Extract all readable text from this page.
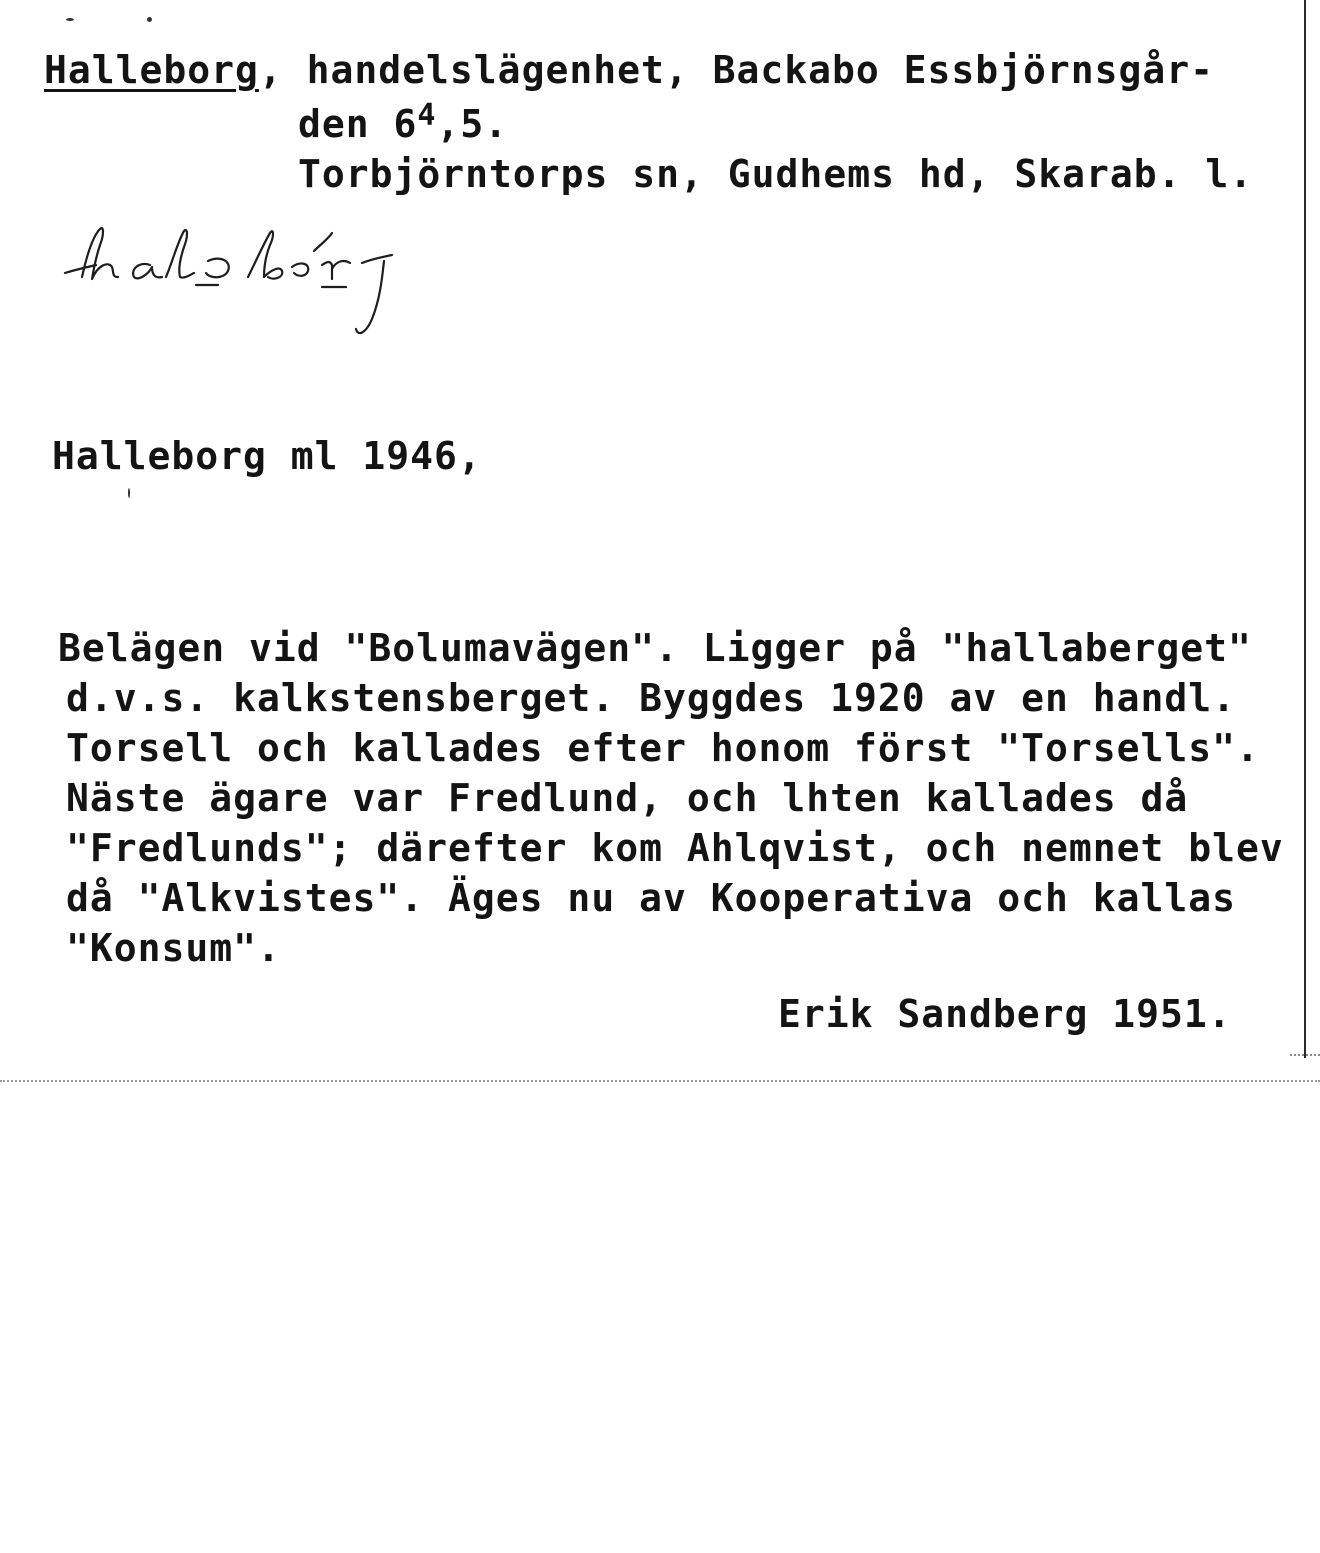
Halleborg, handelslägenhet, Backabo Essbjörnsgår-
den $6^4,5$.
Torbjörntorps sn, Gudhems hd, Skarab. l.
Halleborg ml 1946,
Belägen vid "Bolumavägen". Ligger på "hallaberget"
d.v.s. kalkstensberget. Byggdes 1920 av en handl.
Torsell och kallades efter honom först "Torsells".
Näste ägare var Fredlund, och lhten kallades då
"Fredlunds"; därefter kom Ahlqvist, och nemnet blev
då "Alkvistes". Äges nu av Kooperativa och kallas
"Konsum".
Erik Sandberg 1951.
